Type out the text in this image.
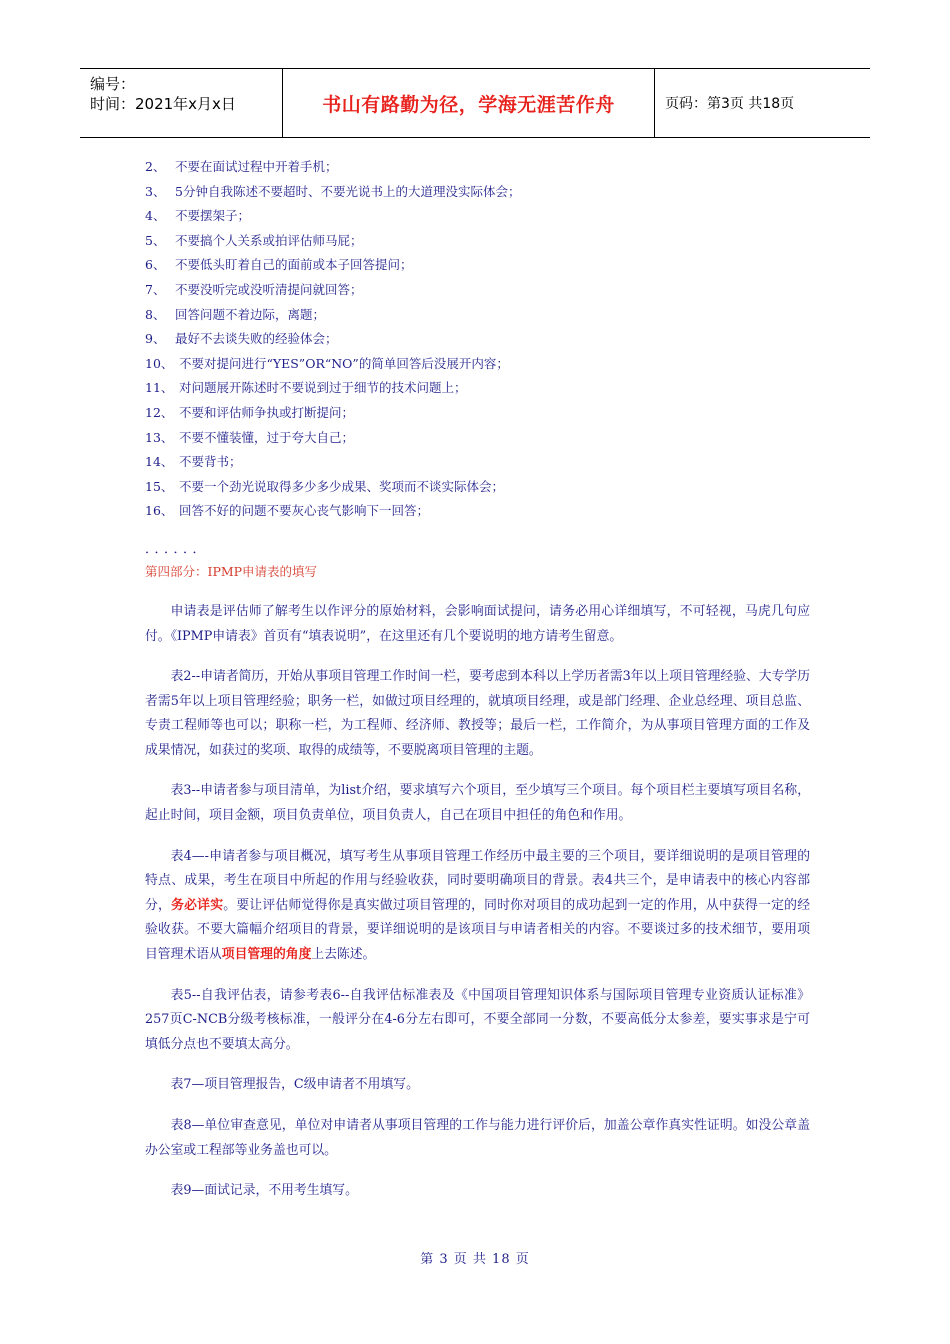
编号：
时间：2021年x月x日	书山有路勤为径，学海无涯苦作舟	页码：第3页 共18页
2、 不要在面试过程中开着手机；
3、 5分钟自我陈述不要超时、不要光说书上的大道理没实际体会；
4、 不要摆架子；
5、 不要搞个人关系或拍评估师马屁；
6、 不要低头盯着自己的面前或本子回答提问；
7、 不要没听完或没听清提问就回答；
8、 回答问题不着边际，离题；
9、 最好不去谈失败的经验体会；
10、 不要对提问进行“YES”OR“NO”的简单回答后没展开内容；
11、 对问题展开陈述时不要说到过于细节的技术问题上；
12、 不要和评估师争执或打断提问；
13、 不要不懂装懂，过于夸大自己；
14、 不要背书；
15、 不要一个劲光说取得多少多少成果、奖项而不谈实际体会；
16、 回答不好的问题不要灰心丧气影响下一回答；
．．．．．．
第四部分：IPMP申请表的填写

申请表是评估师了解考生以作评分的原始材料，会影响面试提问，请务必用心详细填写，不可轻视，马虎几句应付。《IPMP申请表》首页有“填表说明”，在这里还有几个要说明的地方请考生留意。

表2--申请者简历，开始从事项目管理工作时间一栏，要考虑到本科以上学历者需3年以上项目管理经验、大专学历者需5年以上项目管理经验；职务一栏，如做过项目经理的，就填项目经理，或是部门经理、企业总经理、项目总监、专责工程师等也可以；职称一栏，为工程师、经济师、教授等；最后一栏，工作简介，为从事项目管理方面的工作及成果情况，如获过的奖项、取得的成绩等，不要脱离项目管理的主题。

表3--申请者参与项目清单，为list介绍，要求填写六个项目，至少填写三个项目。每个项目栏主要填写项目名称，起止时间，项目金额，项目负责单位，项目负责人，自己在项目中担任的角色和作用。

表4—-申请者参与项目概况，填写考生从事项目管理工作经历中最主要的三个项目，要详细说明的是项目管理的特点、成果，考生在项目中所起的作用与经验收获，同时要明确项目的背景。表4共三个，是申请表中的核心内容部分，务必详实。要让评估师觉得你是真实做过项目管理的，同时你对项目的成功起到一定的作用，从中获得一定的经验收获。不要大篇幅介绍项目的背景，要详细说明的是该项目与申请者相关的内容。不要谈过多的技术细节，要用项目管理术语从项目管理的角度上去陈述。

表5--自我评估表，请参考表6--自我评估标准表及《中国项目管理知识体系与国际项目管理专业资质认证标准》257页C-NCB分级考核标准，一般评分在4-6分左右即可，不要全部同一分数，不要高低分太参差，要实事求是宁可填低分点也不要填太高分。

表7—项目管理报告，C级申请者不用填写。

表8—单位审查意见，单位对申请者从事项目管理的工作与能力进行评价后，加盖公章作真实性证明。如没公章盖办公室或工程部等业务盖也可以。

表9—面试记录，不用考生填写。

第 3 页 共 18 页
